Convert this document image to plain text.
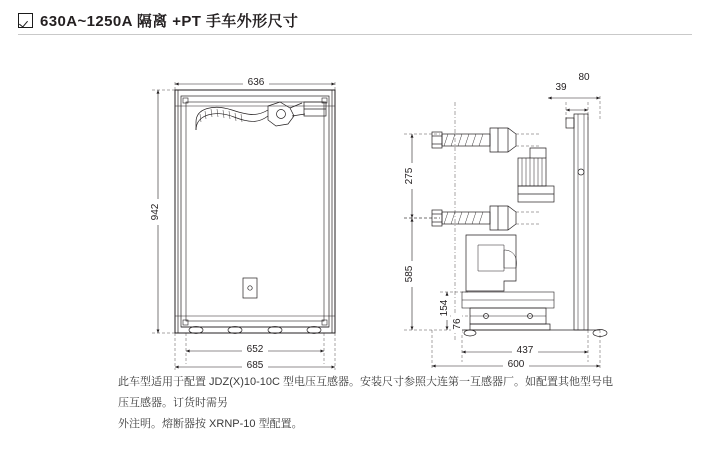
630A~1250A 隔离 +PT 手车外形尺寸
636
942
652
685
275
585
154
76
437
600
39
80

此车型适用于配置 JDZ(X)10-10C 型电压互感器。安装尺寸参照大连第一互感器厂。如配置其他型号电压互感器。订货时需另

外注明。熔断器按 XRNP-10 型配置。
